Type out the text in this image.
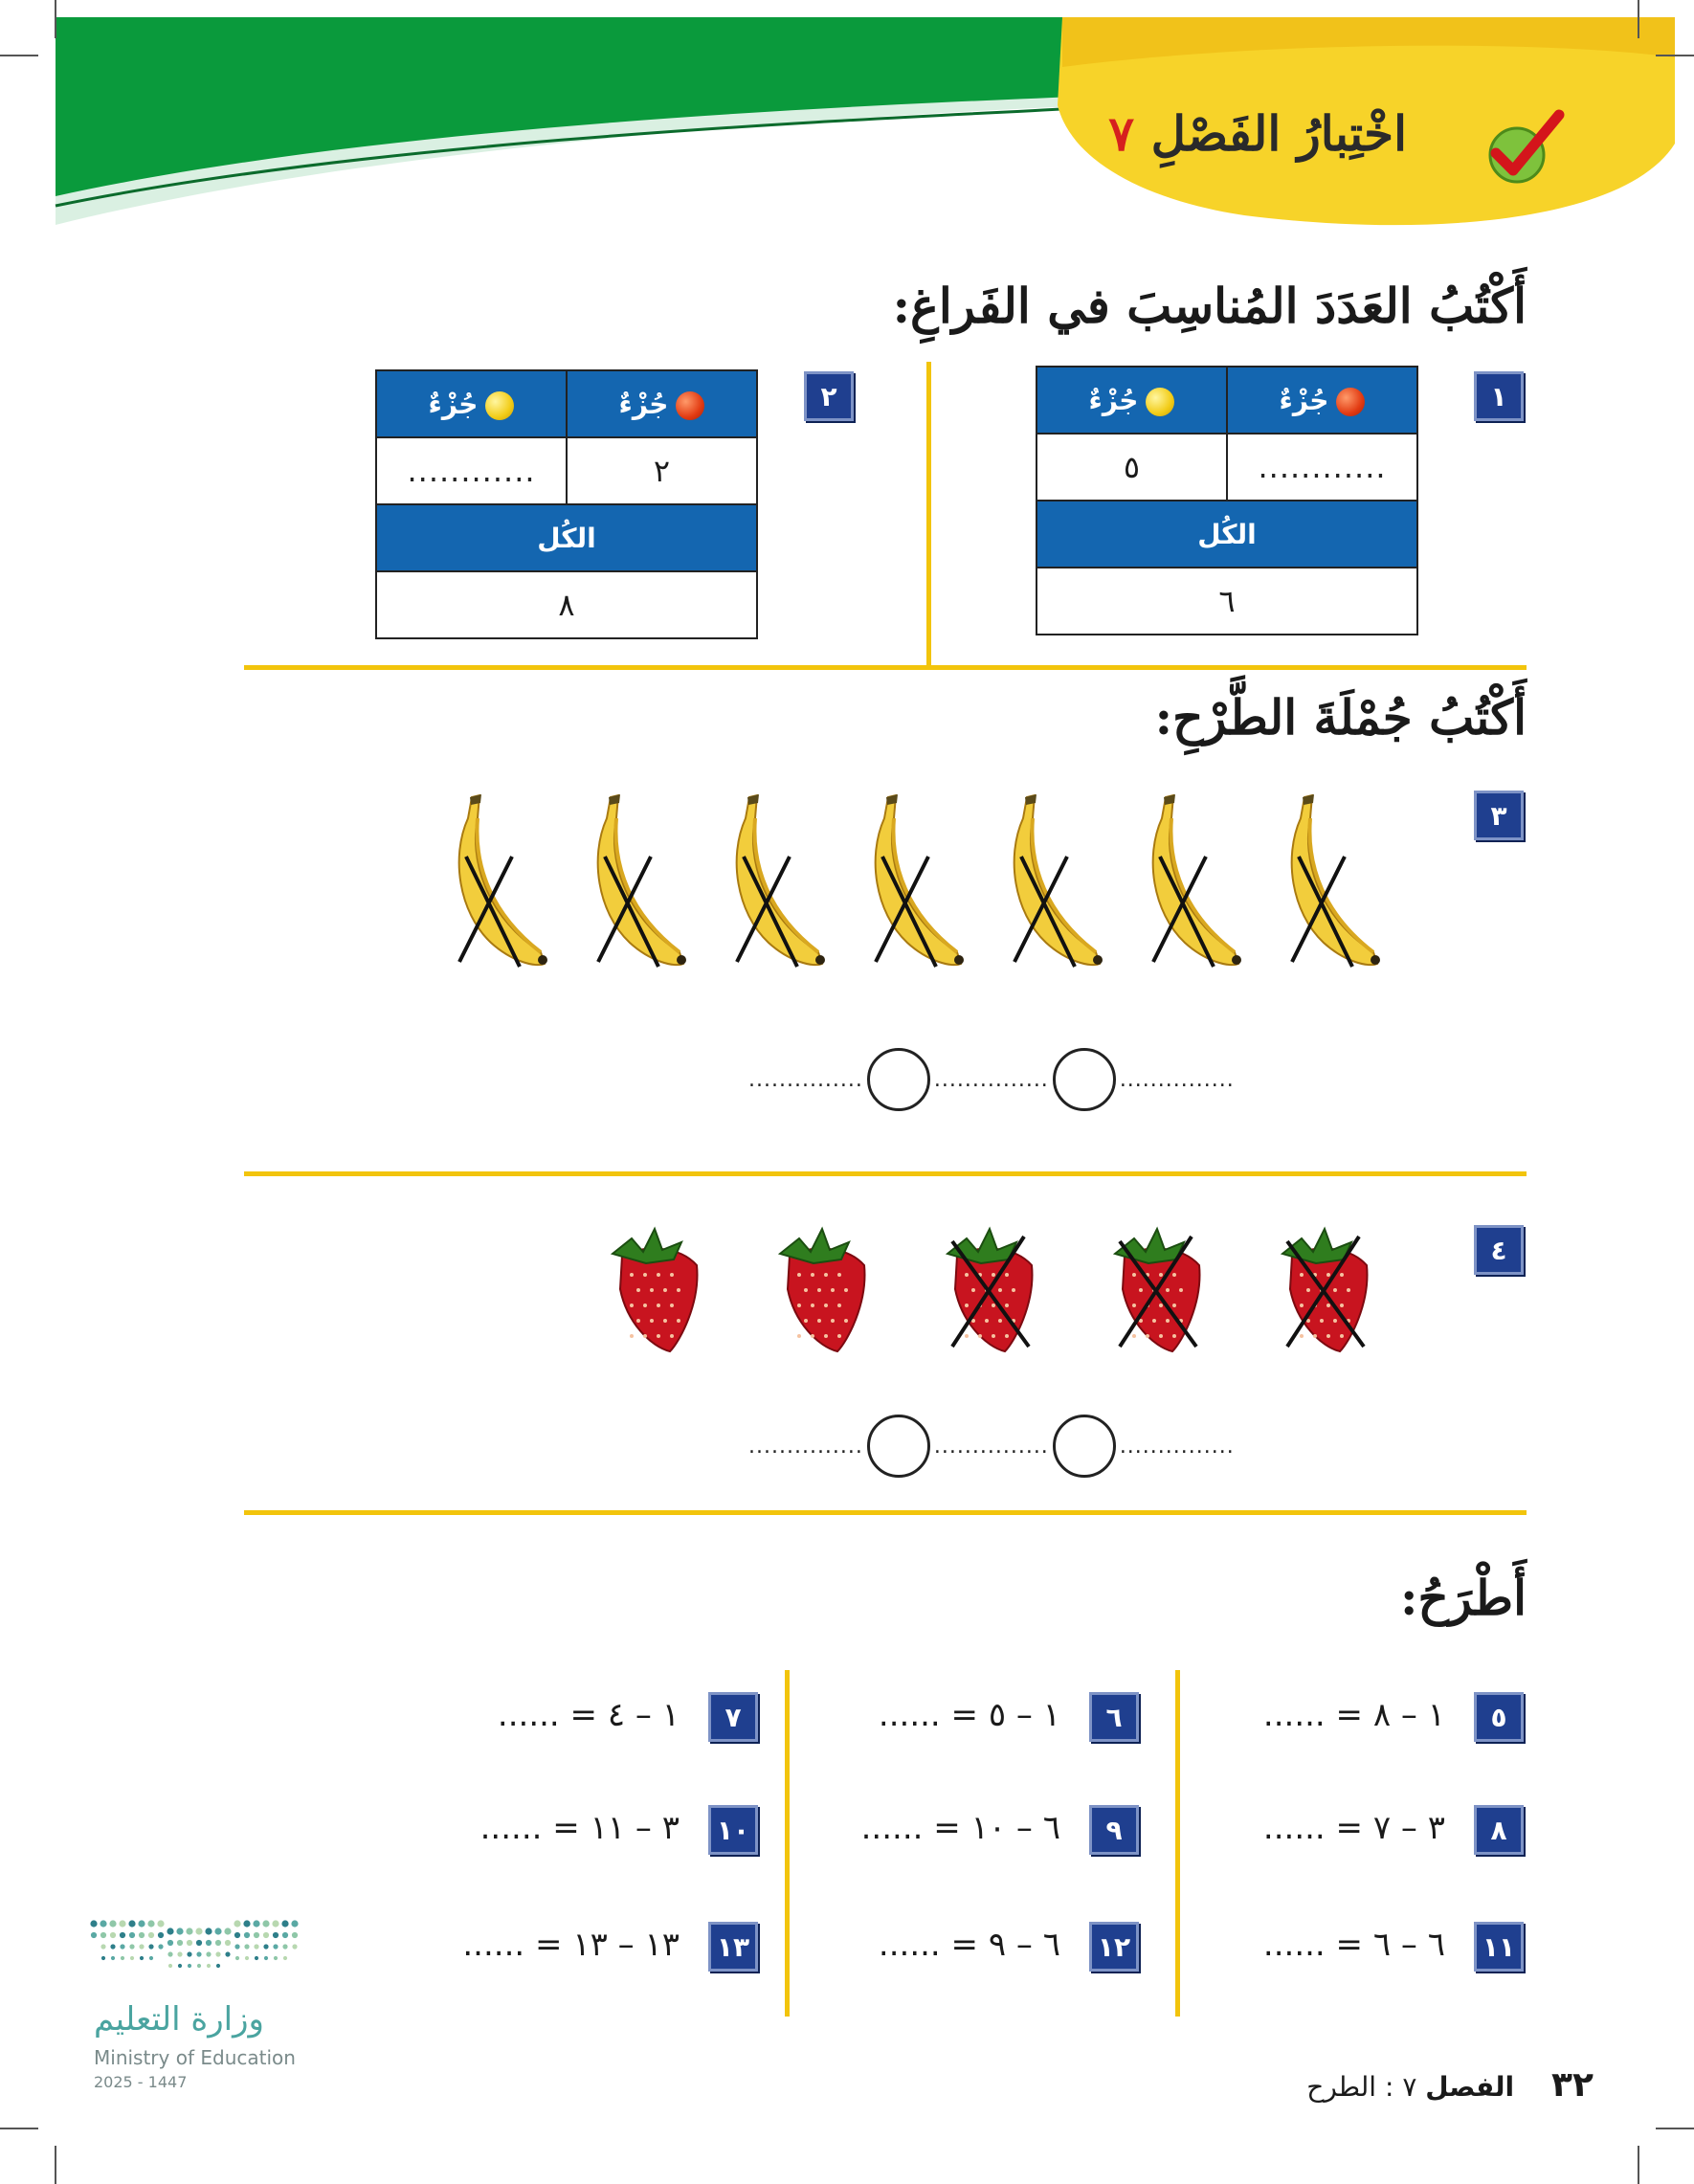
اخْتِبارُ الفَصْلِ ٧
أَكْتُبُ العَدَدَ المُناسِبَ في الفَراغِ:
١
جُزْءٌ	جُزْءٌ
............	٥
الكُل	
٦	
٢
جُزْءٌ	جُزْءٌ
٢	............
الكُل	
٨	
أَكْتُبُ جُمْلَةَ الطَّرْحِ:
٣
...............	...............	...............
٤
...............	...............	...............
أَطْرَحُ:
٥
...... = ١ – ٨
٦
...... = ١ – ٥
٧
...... = ١ – ٤
٨
...... = ٣ – ٧
٩
...... = ٦ – ١٠
١٠
...... = ٣ – ١١
١١
...... = ٦ – ٦
١٢
...... = ٦ – ٩
١٣
...... = ١٣ – ١٣
وزارة التعليم
Ministry of Education
2025 - 1447	٣٢ الفصل ٧ : الطرح
